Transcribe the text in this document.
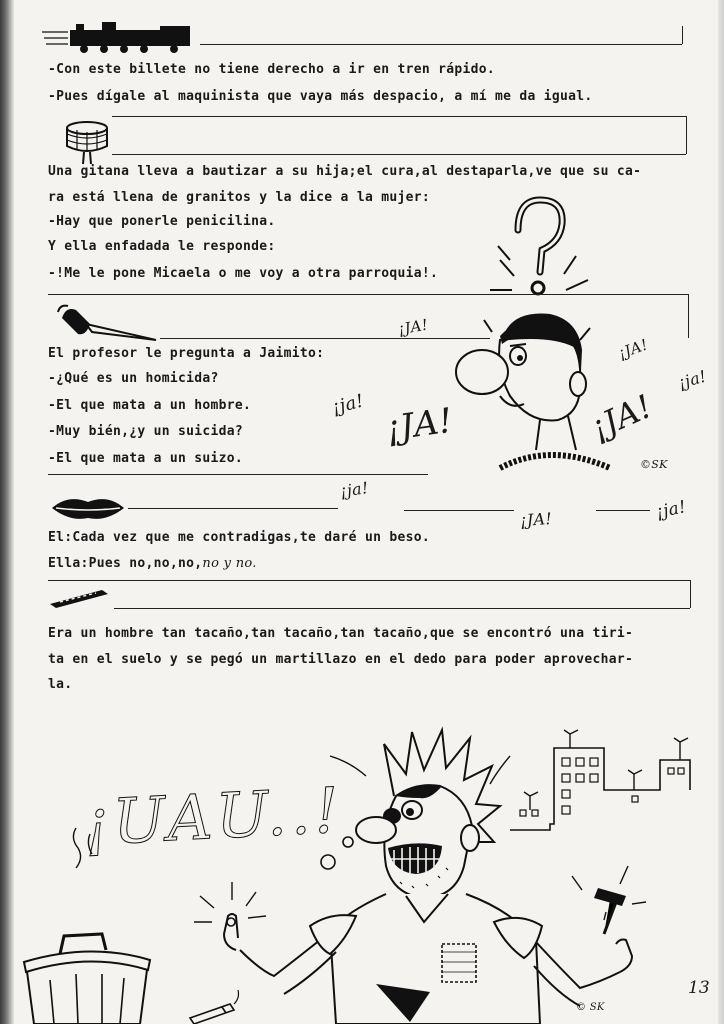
-Con este billete no tiene derecho a ir en tren rápido.
-Pues dígale al maquinista que vaya más despacio, a mí me da igual.
Una gitana lleva a bautizar a su hija;el cura,al destaparla,ve que su ca-
ra está llena de granitos y la dice a la mujer:
-Hay que ponerle penicilina.
Y ella enfadada le responde:
-!Me le pone Micaela o me voy a otra parroquia!.
El profesor le pregunta a Jaimito:
-¿Qué es un homicida?
-El que mata a un hombre.
-Muy bién,¿y un suicida?
-El que mata a un suizo.
¡JA!	¡JA!
¡JA!
¡ja!
¡JA!
¡ja!
¡ja!
¡JA!	¡ja!
©SK
El:Cada vez que me contradigas,te daré un beso.
Ella:Pues no,no,no,no y no.
Era un hombre tan tacaño,tan tacaño,tan tacaño,que se encontró una tiri-
ta en el suelo y se pegó un martillazo en el dedo para poder aprovechar-
la.
¡UAU..!
© SK
13
